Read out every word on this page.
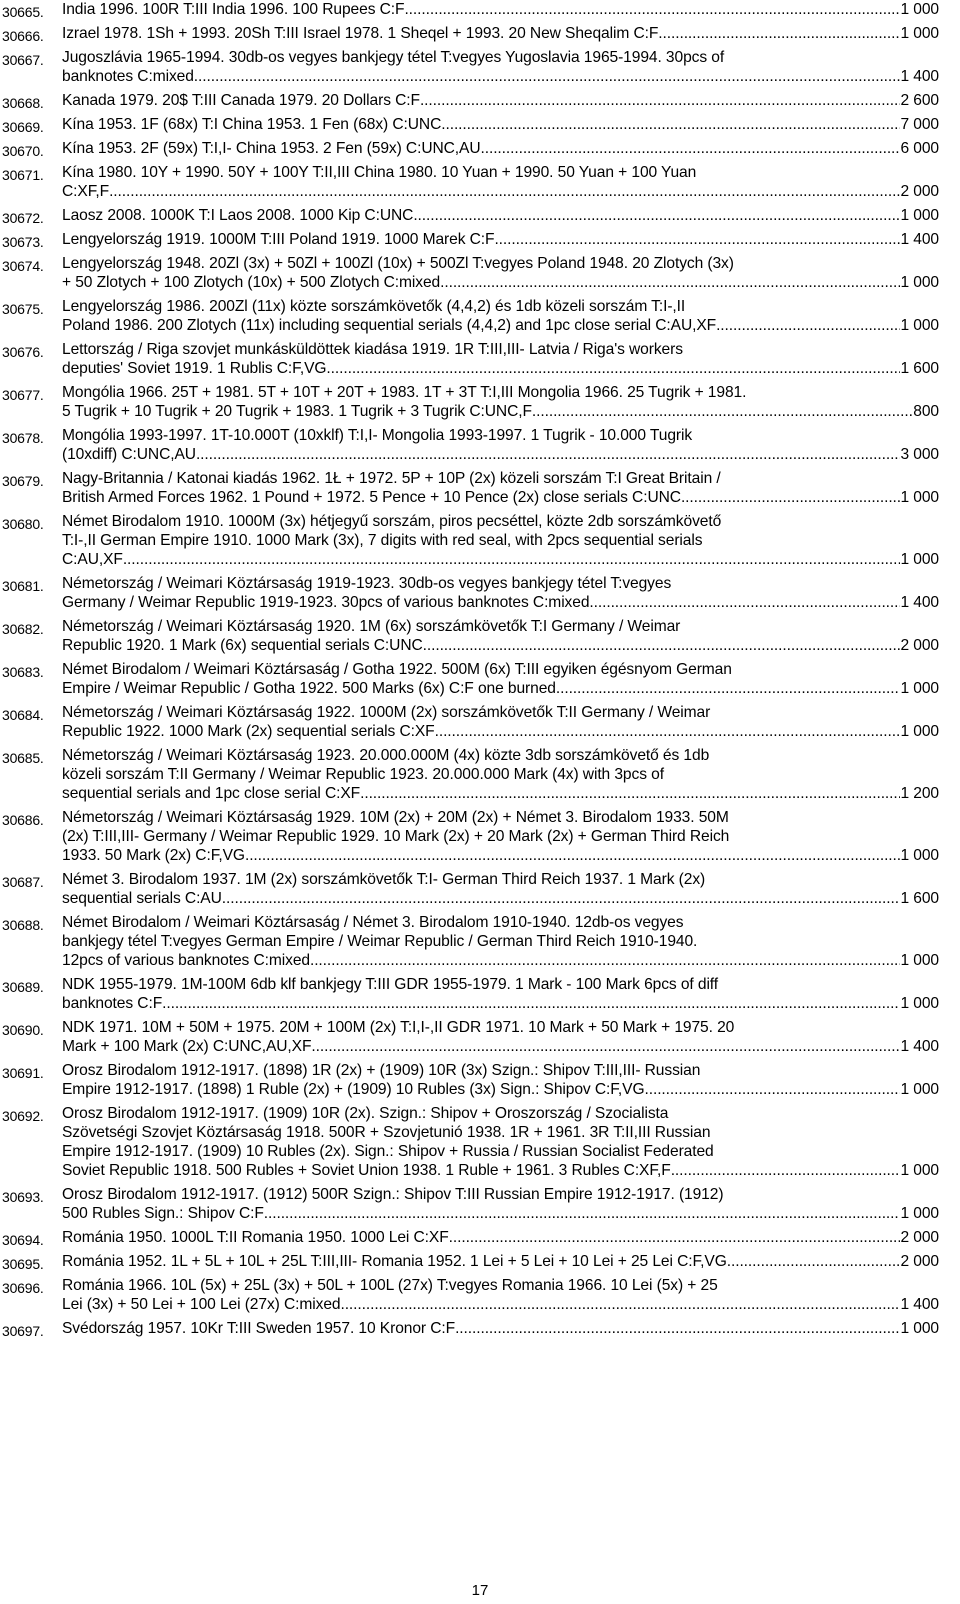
30665. India 1996. 100R T:III India 1996. 100 Rupees C:F .....	1 000
30666. Izrael 1978. 1Sh + 1993. 20Sh T:III Israel 1978. 1 Sheqel + 1993. 20 New Sheqalim C:F .....	1 000
30667. Jugoszlávia 1965-1994. 30db-os vegyes bankjegy tétel T:vegyes Yugoslavia 1965-1994. 30pcs of
banknotes C:mixed .....	1 400
30668. Kanada 1979. 20$ T:III Canada 1979. 20 Dollars C:F .....	2 600
30669. Kína 1953. 1F (68x) T:I China 1953. 1 Fen (68x) C:UNC .....	7 000
30670. Kína 1953. 2F (59x) T:I,I- China 1953. 2 Fen (59x) C:UNC,AU .....	6 000
30671. Kína 1980. 10Y + 1990. 50Y + 100Y T:II,III China 1980. 10 Yuan + 1990. 50 Yuan + 100 Yuan
C:XF,F .....	2 000
30672. Laosz 2008. 1000K T:I Laos 2008. 1000 Kip C:UNC .....	1 000
30673. Lengyelország 1919. 1000M T:III Poland 1919. 1000 Marek C:F .....	1 400
30674. Lengyelország 1948. 20Zl (3x) + 50Zl + 100Zl (10x) + 500Zl T:vegyes Poland 1948. 20 Zlotych (3x)
+ 50 Zlotych + 100 Zlotych (10x) + 500 Zlotych C:mixed .....	1 000
30675. Lengyelország 1986. 200Zl (11x) közte sorszámkövetők (4,4,2) és 1db közeli sorszám T:I-,II
Poland 1986. 200 Zlotych (11x) including sequential serials (4,4,2) and 1pc close serial C:AU,XF .....	1 000
30676. Lettország / Riga szovjet munkásküldöttek kiadása 1919. 1R T:III,III- Latvia / Riga's workers
deputies' Soviet 1919. 1 Rublis C:F,VG .....	1 600
30677. Mongólia 1966. 25T + 1981. 5T + 10T + 20T + 1983. 1T + 3T T:I,III Mongolia 1966. 25 Tugrik + 1981.
5 Tugrik + 10 Tugrik + 20 Tugrik + 1983. 1 Tugrik + 3 Tugrik C:UNC,F .....	800
30678. Mongólia 1993-1997. 1T-10.000T (10xklf) T:I,I- Mongolia 1993-1997. 1 Tugrik - 10.000 Tugrik
(10xdiff) C:UNC,AU .....	3 000
30679. Nagy-Britannia / Katonai kiadás 1962. 1Ł + 1972. 5P + 10P (2x) közeli sorszám T:I Great Britain /
British Armed Forces 1962. 1 Pound + 1972. 5 Pence + 10 Pence (2x) close serials C:UNC .....	1 000
30680. Német Birodalom 1910. 1000M (3x) hétjegyű sorszám, piros pecséttel, közte 2db sorszámkövető
T:I-,II German Empire 1910. 1000 Mark (3x), 7 digits with red seal, with 2pcs sequential serials
C:AU,XF .....	1 000
30681. Németország / Weimari Köztársaság 1919-1923. 30db-os vegyes bankjegy tétel T:vegyes
Germany / Weimar Republic 1919-1923. 30pcs of various banknotes C:mixed .....	1 400
30682. Németország / Weimari Köztársaság 1920. 1M (6x) sorszámkövetők T:I Germany / Weimar
Republic 1920. 1 Mark (6x) sequential serials C:UNC .....	2 000
30683. Német Birodalom / Weimari Köztársaság / Gotha 1922. 500M (6x) T:III egyiken égésnyom German
Empire / Weimar Republic / Gotha 1922. 500 Marks (6x) C:F one burned .....	1 000
30684. Németország / Weimari Köztársaság 1922. 1000M (2x) sorszámkövetők T:II Germany / Weimar
Republic 1922. 1000 Mark (2x) sequential serials C:XF .....	1 000
30685. Németország / Weimari Köztársaság 1923. 20.000.000M (4x) közte 3db sorszámkövető és 1db
közeli sorszám T:II Germany / Weimar Republic 1923. 20.000.000 Mark (4x) with 3pcs of
sequential serials and 1pc close serial C:XF .....	1 200
30686. Németország / Weimari Köztársaság 1929. 10M (2x) + 20M (2x) + Német 3. Birodalom 1933. 50M
(2x) T:III,III- Germany / Weimar Republic 1929. 10 Mark (2x) + 20 Mark (2x) + German Third Reich
1933. 50 Mark (2x) C:F,VG .....	1 000
30687. Német 3. Birodalom 1937. 1M (2x) sorszámkövetők T:I- German Third Reich 1937. 1 Mark (2x)
sequential serials C:AU .....	1 600
30688. Német Birodalom / Weimari Köztársaság / Német 3. Birodalom 1910-1940. 12db-os vegyes
bankjegy tétel T:vegyes German Empire / Weimar Republic / German Third Reich 1910-1940.
12pcs of various banknotes C:mixed .....	1 000
30689. NDK 1955-1979. 1M-100M 6db klf bankjegy T:III GDR 1955-1979. 1 Mark - 100 Mark 6pcs of diff
banknotes C:F .....	1 000
30690. NDK 1971. 10M + 50M + 1975. 20M + 100M (2x) T:I,I-,II GDR 1971. 10 Mark + 50 Mark + 1975. 20
Mark + 100 Mark (2x) C:UNC,AU,XF .....	1 400
30691. Orosz Birodalom 1912-1917. (1898) 1R (2x) + (1909) 10R (3x) Szign.: Shipov T:III,III- Russian
Empire 1912-1917. (1898) 1 Ruble (2x) + (1909) 10 Rubles (3x) Sign.: Shipov C:F,VG .....	1 000
30692. Orosz Birodalom 1912-1917. (1909) 10R (2x). Szign.: Shipov + Oroszország / Szocialista
Szövetségi Szovjet Köztársaság 1918. 500R + Szovjetunió 1938. 1R + 1961. 3R T:II,III Russian
Empire 1912-1917. (1909) 10 Rubles (2x). Sign.: Shipov + Russia / Russian Socialist Federated
Soviet Republic 1918. 500 Rubles + Soviet Union 1938. 1 Ruble + 1961. 3 Rubles C:XF,F .....	1 000
30693. Orosz Birodalom 1912-1917. (1912) 500R Szign.: Shipov T:III Russian Empire 1912-1917. (1912)
500 Rubles Sign.: Shipov C:F .....	1 000
30694. Románia 1950. 1000L T:II Romania 1950. 1000 Lei C:XF .....	2 000
30695. Románia 1952. 1L + 5L + 10L + 25L T:III,III- Romania 1952. 1 Lei + 5 Lei + 10 Lei + 25 Lei C:F,VG .....	2 000
30696. Románia 1966. 10L (5x) + 25L (3x) + 50L + 100L (27x) T:vegyes Romania 1966. 10 Lei (5x) + 25
Lei (3x) + 50 Lei + 100 Lei (27x) C:mixed .....	1 400
30697. Svédország 1957. 10Kr T:III Sweden 1957. 10 Kronor C:F .....	1 000
17
